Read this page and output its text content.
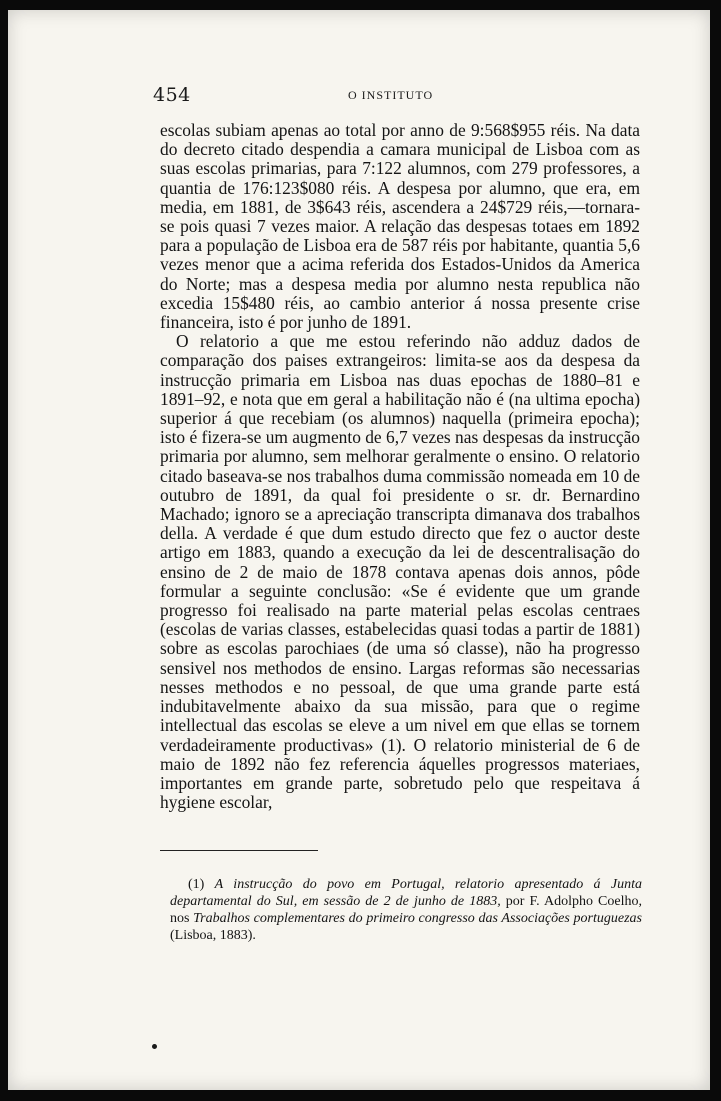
454	O INSTITUTO

escolas subiam apenas ao total por anno de 9:568$955 réis. Na data do decreto citado despendia a camara municipal de Lisboa com as suas escolas primarias, para 7:122 alumnos, com 279 professores, a quantia de 176:123$080 réis. A despesa por alumno, que era, em media, em 1881, de 3$643 réis, ascendera a 24$729 réis,—tornara-se pois quasi 7 vezes maior. A relação das despesas totaes em 1892 para a população de Lisboa era de 587 réis por habitante, quantia 5,6 vezes menor que a acima referida dos Estados-Unidos da America do Norte; mas a despesa media por alumno nesta republica não excedia 15$480 réis, ao cambio anterior á nossa presente crise financeira, isto é por junho de 1891.

O relatorio a que me estou referindo não adduz dados de comparação dos paises extrangeiros: limita-se aos da despesa da instrucção primaria em Lisboa nas duas epochas de 1880–81 e 1891–92, e nota que em geral a habilitação não é (na ultima epocha) superior á que recebiam (os alumnos) naquella (primeira epocha); isto é fizera-se um augmento de 6,7 vezes nas despesas da instrucção primaria por alumno, sem melhorar geralmente o ensino. O relatorio citado baseava-se nos trabalhos duma commissão nomeada em 10 de outubro de 1891, da qual foi presidente o sr. dr. Bernardino Machado; ignoro se a apreciação transcripta dimanava dos trabalhos della. A verdade é que dum estudo directo que fez o auctor deste artigo em 1883, quando a execução da lei de descentralisação do ensino de 2 de maio de 1878 contava apenas dois annos, pôde formular a seguinte conclusão: «Se é evidente que um grande progresso foi realisado na parte material pelas escolas centraes (escolas de varias classes, estabelecidas quasi todas a partir de 1881) sobre as escolas parochiaes (de uma só classe), não ha progresso sensivel nos methodos de ensino. Largas reformas são necessarias nesses methodos e no pessoal, de que uma grande parte está indubitavelmente abaixo da sua missão, para que o regime intellectual das escolas se eleve a um nivel em que ellas se tornem verdadeiramente productivas» (1). O relatorio ministerial de 6 de maio de 1892 não fez referencia áquelles progressos materiaes, importantes em grande parte, sobretudo pelo que respeitava á hygiene escolar,

(1) A instrucção do povo em Portugal, relatorio apresentado á Junta departamental do Sul, em sessão de 2 de junho de 1883, por F. Adolpho Coelho, nos Trabalhos complementares do primeiro congresso das Associações portuguezas (Lisboa, 1883).
